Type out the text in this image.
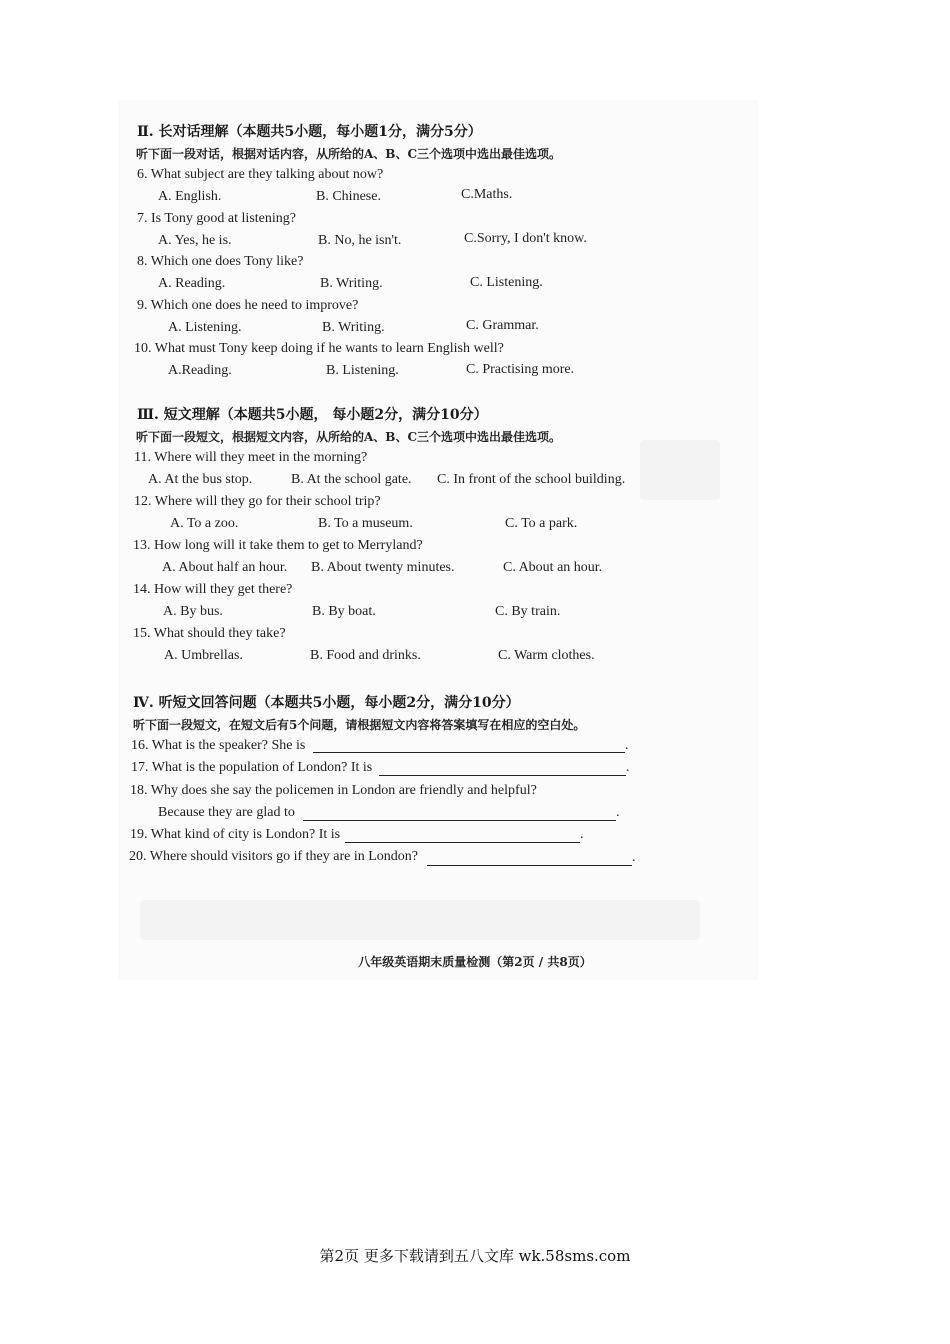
Ⅱ. 长对话理解（本题共5小题，每小题1分，满分5分）
听下面一段对话，根据对话内容，从所给的A、B、C三个选项中选出最佳选项。
6. What subject are they talking about now?
A. English.	B. Chinese.	C.Maths.
7. Is Tony good at listening?
A. Yes, he is.	B. No, he isn't.	C.Sorry, I don't know.
8. Which one does Tony like?
A. Reading.	B. Writing.	C. Listening.
9. Which one does he need to improve?
A. Listening.	B. Writing.	C. Grammar.
10. What must Tony keep doing if he wants to learn English well?
A.Reading.	B. Listening.	C. Practising more.
Ⅲ. 短文理解（本题共5小题， 每小题2分，满分10分）
听下面一段短文，根据短文内容，从所给的A、B、C三个选项中选出最佳选项。
11. Where will they meet in the morning?
A. At the bus stop.	B. At the school gate. C. In front of the school building.
12. Where will they go for their school trip?
A. To a zoo.	B. To a museum.	C. To a park.
13. How long will it take them to get to Merryland?
A. About half an hour. B. About twenty minutes.	C. About an hour.
14. How will they get there?
A. By bus.	B. By boat.	C. By train.
15. What should they take?
A. Umbrellas.	B. Food and drinks.	C. Warm clothes.
Ⅳ. 听短文回答问题（本题共5小题，每小题2分，满分10分）
听下面一段短文，在短文后有5个问题，请根据短文内容将答案填写在相应的空白处。
16. What is the speaker? She is	.
17. What is the population of London? It is	.
18. Why does she say the policemen in London are friendly and helpful?
Because they are glad to	.
19. What kind of city is London? It is	.
20. Where should visitors go if they are in London?	.
八年级英语期末质量检测（第2页 / 共8页）
第2页 更多下载请到五八文库 wk.58sms.com
